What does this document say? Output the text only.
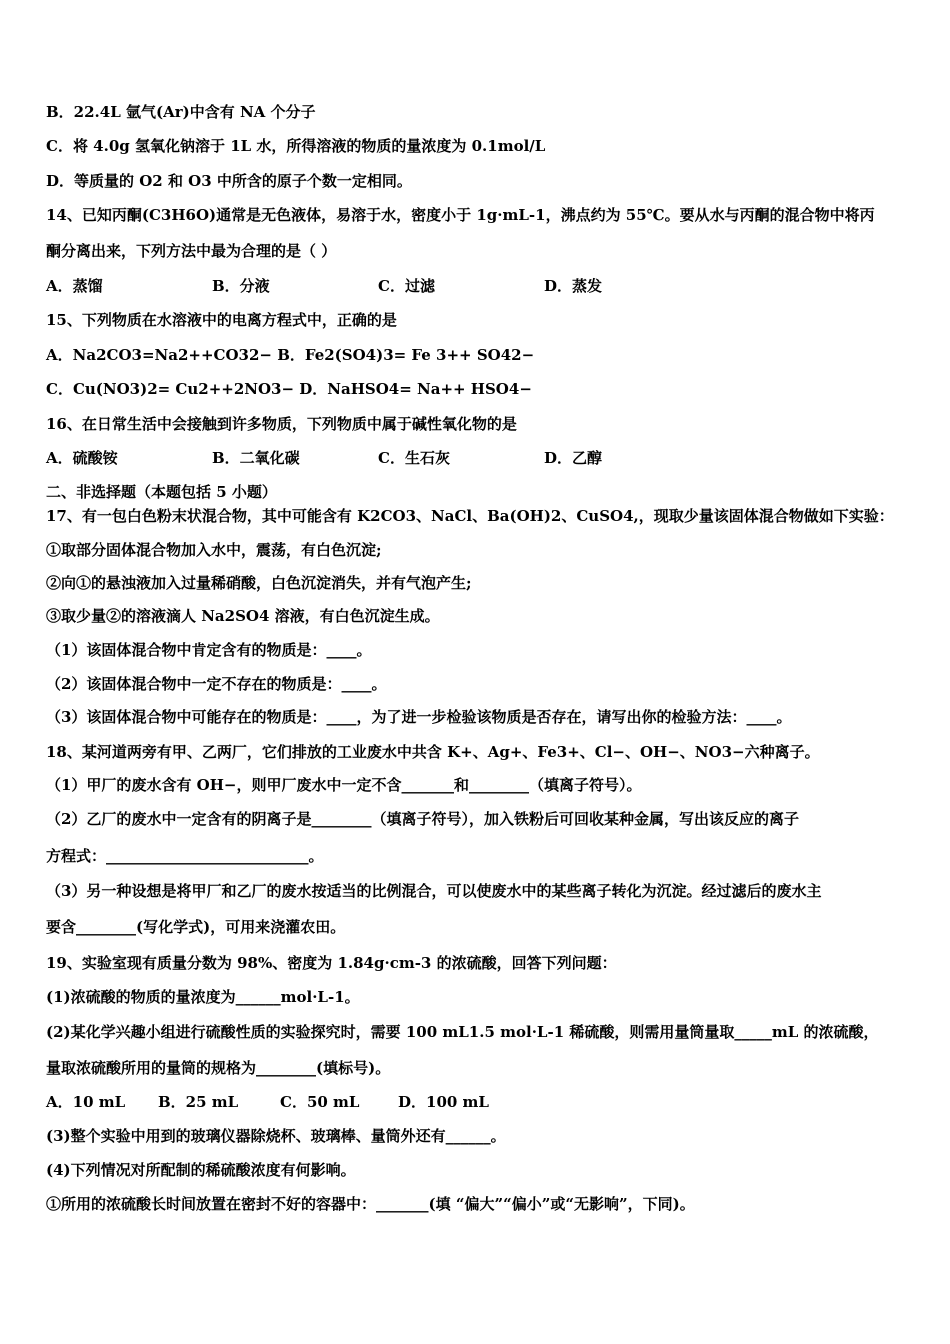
B．22.4L 氩气(Ar)中含有 NA 个分子
C．将 4.0g 氢氧化钠溶于 1L 水，所得溶液的物质的量浓度为 0.1mol/L
D．等质量的 O2 和 O3 中所含的原子个数一定相同。
14、已知丙酮(C3H6O)通常是无色液体，易溶于水，密度小于 1g·mL-1，沸点约为 55℃。要从水与丙酮的混合物中将丙
酮分离出来，下列方法中最为合理的是（ ）
A．蒸馏	B．分液	C．过滤	D．蒸发
15、下列物质在水溶液中的电离方程式中，正确的是
A．Na2CO3=Na2++CO32− B．Fe2(SO4)3= Fe 3++ SO42−
C．Cu(NO3)2= Cu2++2NO3− D．NaHSO4= Na++ HSO4−
16、在日常生活中会接触到许多物质，下列物质中属于碱性氧化物的是
A．硫酸铵	B．二氧化碳	C．生石灰	D．乙醇
二、非选择题（本题包括 5 小题）
17、有一包白色粉末状混合物，其中可能含有 K2CO3、NaCl、Ba(OH)2、CuSO4,，现取少量该固体混合物做如下实验：
①取部分固体混合物加入水中，震荡，有白色沉淀;
②向①的悬浊液加入过量稀硝酸，白色沉淀消失，并有气泡产生;
③取少量②的溶液滴人 Na2SO4 溶液，有白色沉淀生成。
（1）该固体混合物中肯定含有的物质是：____。
（2）该固体混合物中一定不存在的物质是：____。
（3）该固体混合物中可能存在的物质是：____，为了进一步检验该物质是否存在，请写出你的检验方法：____。
18、某河道两旁有甲、乙两厂，它们排放的工业废水中共含 K+、Ag+、Fe3+、Cl−、OH−、NO3−六种离子。
（1）甲厂的废水含有 OH−，则甲厂废水中一定不含_______和________（填离子符号）。
（2）乙厂的废水中一定含有的阴离子是________（填离子符号），加入铁粉后可回收某种金属，写出该反应的离子
方程式：___________________________。
（3）另一种设想是将甲厂和乙厂的废水按适当的比例混合，可以使废水中的某些离子转化为沉淀。经过滤后的废水主
要含________(写化学式)，可用来浇灌农田。
19、实验室现有质量分数为 98%、密度为 1.84g·cm-3 的浓硫酸，回答下列问题：
(1)浓硫酸的物质的量浓度为______mol·L-1。
(2)某化学兴趣小组进行硫酸性质的实验探究时，需要 100 mL1.5 mol·L-1 稀硫酸，则需用量筒量取_____mL 的浓硫酸，
量取浓硫酸所用的量筒的规格为________(填标号)。
A．10 mL B．25 mL	C．50 mL	D．100 mL
(3)整个实验中用到的玻璃仪器除烧杯、玻璃棒、量筒外还有______。
(4)下列情况对所配制的稀硫酸浓度有何影响。
①所用的浓硫酸长时间放置在密封不好的容器中：_______(填 “偏大”“偏小”或“无影响”，下同)。
